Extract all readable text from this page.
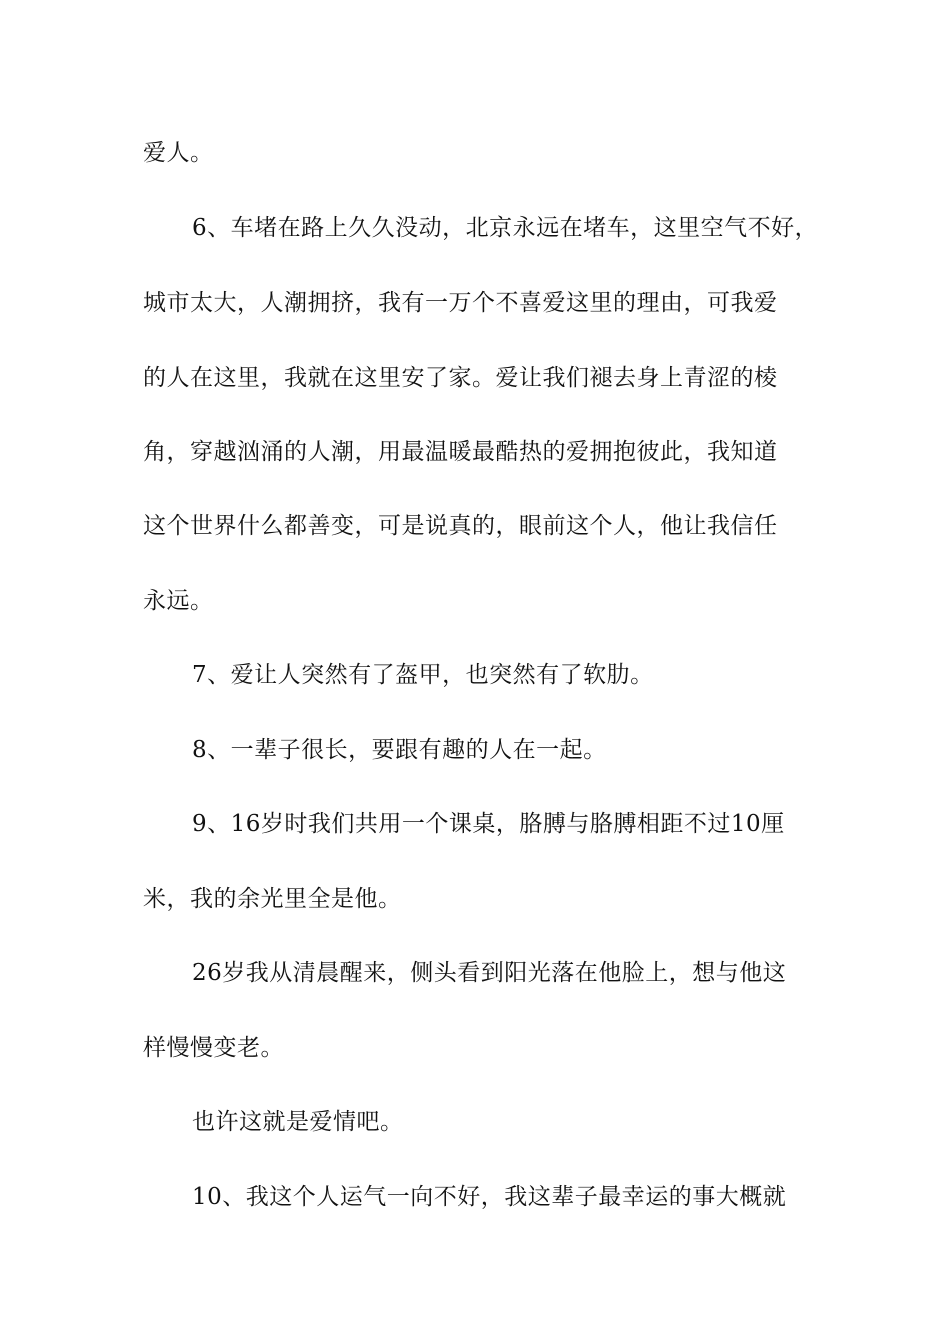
爱人。
6、车堵在路上久久没动，北京永远在堵车，这里空气不好，
城市太大，人潮拥挤，我有一万个不喜爱这里的理由，可我爱
的人在这里，我就在这里安了家。爱让我们褪去身上青涩的棱
角，穿越汹涌的人潮，用最温暖最酷热的爱拥抱彼此，我知道
这个世界什么都善变，可是说真的，眼前这个人，他让我信任
永远。
7、爱让人突然有了盔甲，也突然有了软肋。
8、一辈子很长，要跟有趣的人在一起。
9、16岁时我们共用一个课桌，胳膊与胳膊相距不过10厘
米，我的余光里全是他。
26岁我从清晨醒来，侧头看到阳光落在他脸上，想与他这
样慢慢变老。
也许这就是爱情吧。
10、我这个人运气一向不好，我这辈子最幸运的事大概就
